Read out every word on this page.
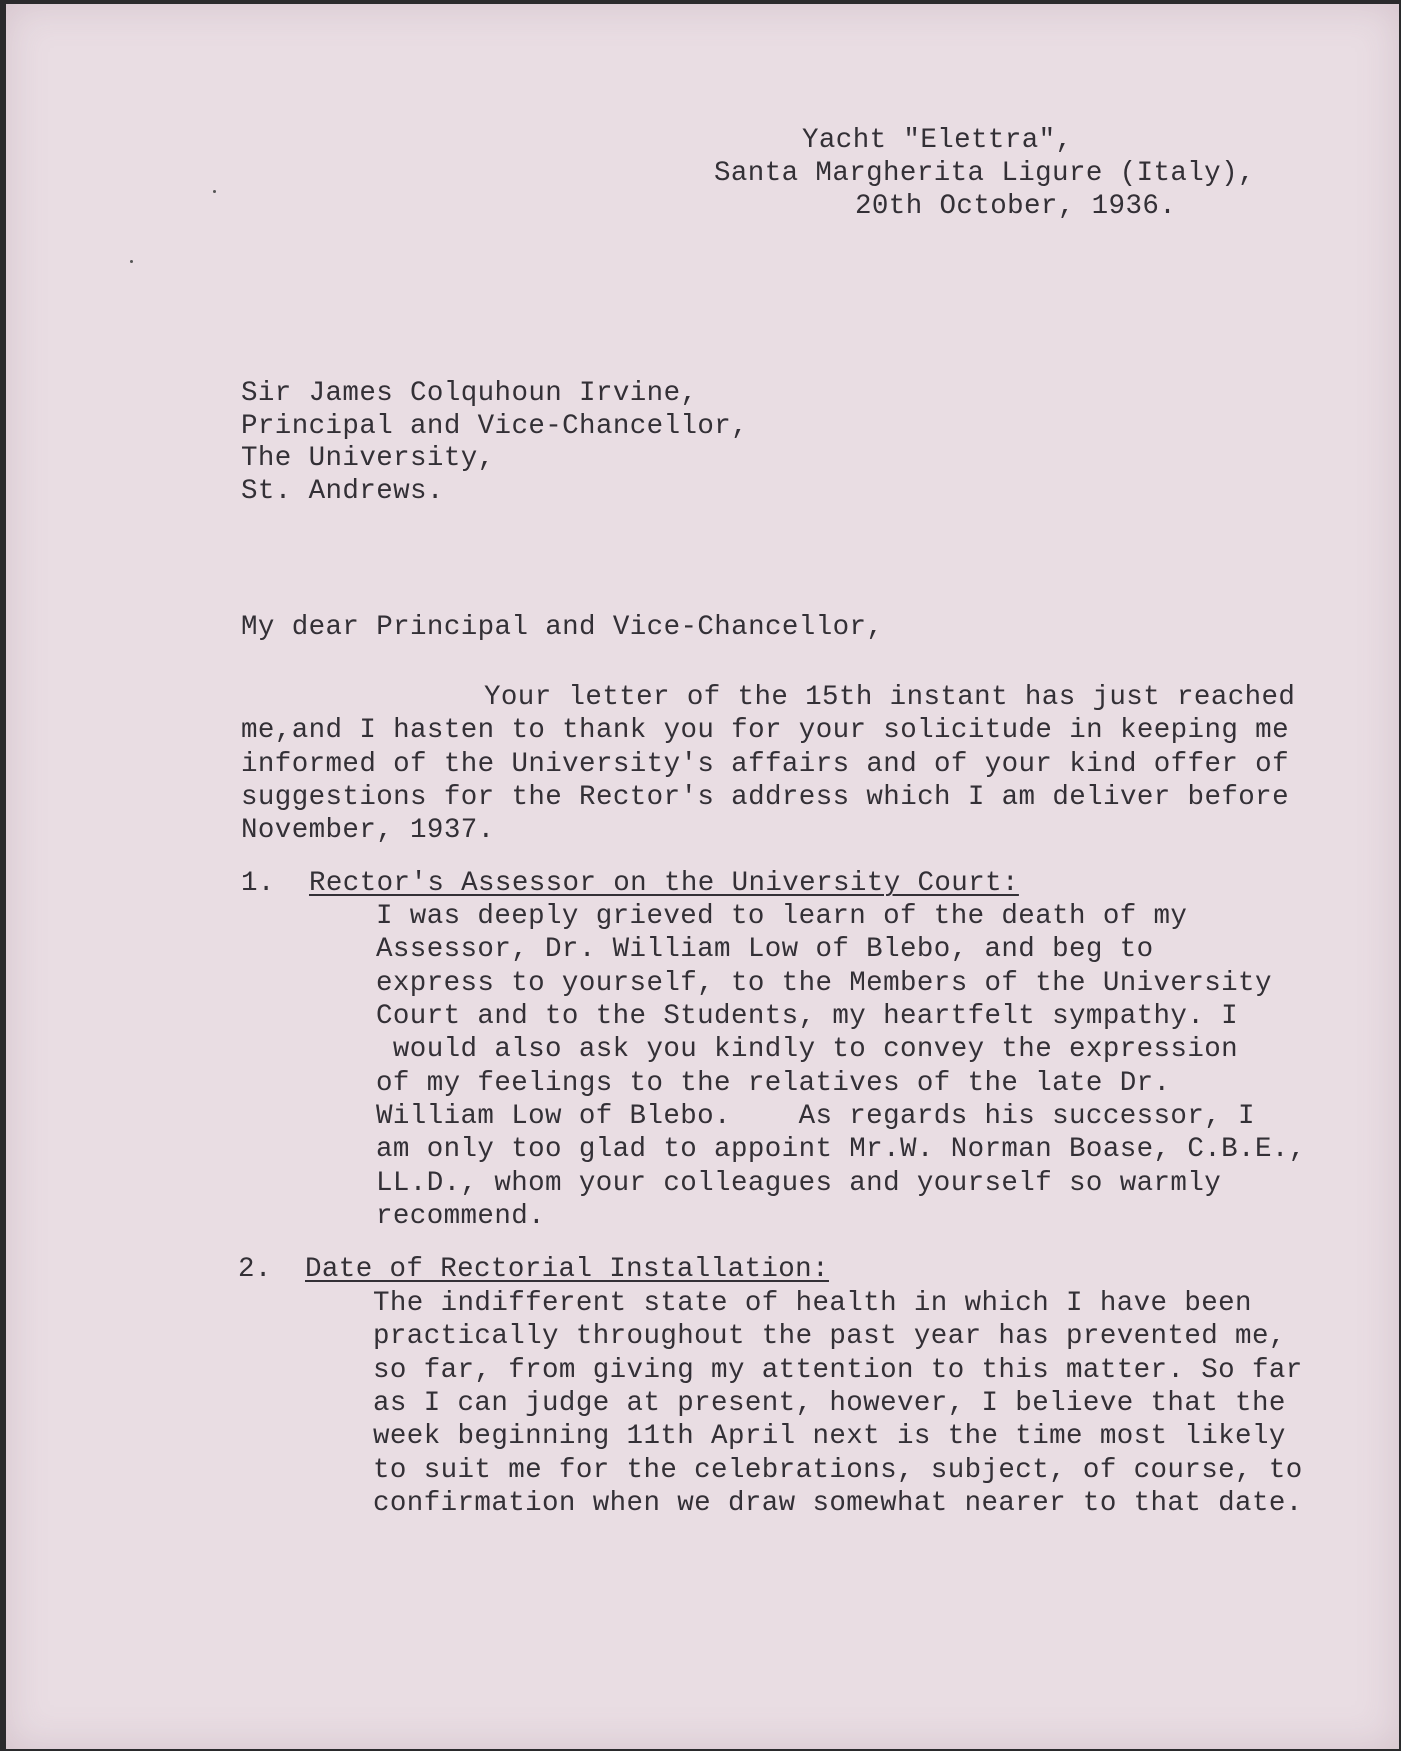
Yacht "Elettra",
Santa Margherita Ligure (Italy),
20th October, 1936.
Sir James Colquhoun Irvine,
Principal and Vice-Chancellor,
The University,
St. Andrews.
My dear Principal and Vice-Chancellor,
Your letter of the 15th instant has just reached
me,and I hasten to thank you for your solicitude in keeping me
informed of the University's affairs and of your kind offer of
suggestions for the Rector's address which I am deliver before
November, 1937.
1. Rector's Assessor on the University Court:
I was deeply grieved to learn of the death of my
Assessor, Dr. William Low of Blebo, and beg to
express to yourself, to the Members of the University
Court and to the Students, my heartfelt sympathy. I
would also ask you kindly to convey the expression
of my feelings to the relatives of the late Dr.
William Low of Blebo.    As regards his successor, I
am only too glad to appoint Mr.W. Norman Boase, C.B.E.,
LL.D., whom your colleagues and yourself so warmly
recommend.
2. Date of Rectorial Installation:
The indifferent state of health in which I have been
practically throughout the past year has prevented me,
so far, from giving my attention to this matter. So far
as I can judge at present, however, I believe that the
week beginning 11th April next is the time most likely
to suit me for the celebrations, subject, of course, to
confirmation when we draw somewhat nearer to that date.
